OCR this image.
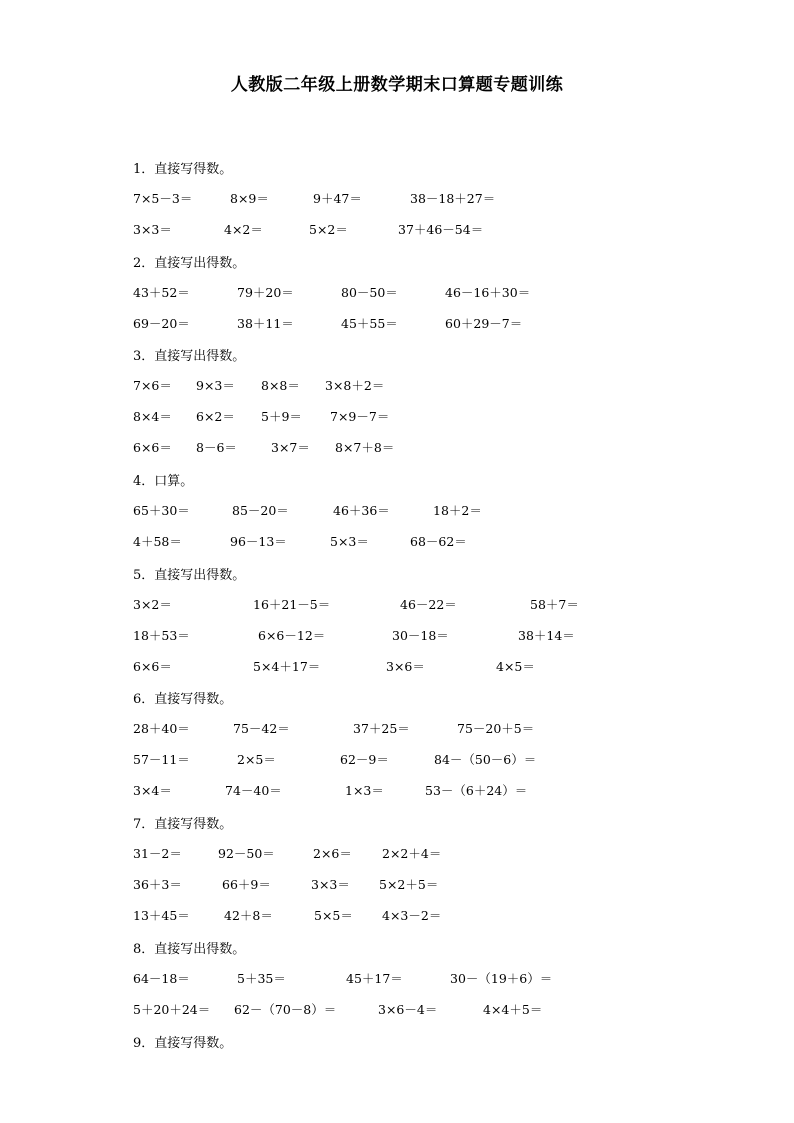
人教版二年级上册数学期末口算题专题训练
1．直接写得数。
7×5－3＝	8×9＝	9＋47＝	38－18＋27＝
3×3＝	4×2＝	5×2＝	37＋46－54＝
2．直接写出得数。
43＋52＝	79＋20＝	80－50＝	46－16＋30＝
69－20＝	38＋11＝	45＋55＝	60＋29－7＝
3．直接写出得数。
7×6＝ 9×3＝ 8×8＝ 3×8＋2＝
8×4＝ 6×2＝ 5＋9＝ 7×9－7＝
6×6＝ 8－6＝	3×7＝ 8×7＋8＝
4．口算。
65＋30＝	85－20＝	46＋36＝	18＋2＝
4＋58＝	96－13＝	5×3＝	68－62＝
5．直接写出得数。
3×2＝	16＋21－5＝	46－22＝	58＋7＝
18＋53＝	6×6－12＝	30－18＝	38＋14＝
6×6＝	5×4＋17＝	3×6＝	4×5＝
6．直接写得数。
28＋40＝	75－42＝	37＋25＝	75－20＋5＝
57－11＝	2×5＝	62－9＝	84－（50－6）＝
3×4＝	74－40＝	1×3＝	53－（6＋24）＝
7．直接写得数。
31－2＝	92－50＝	2×6＝ 2×2＋4＝
36＋3＝	66＋9＝	3×3＝ 5×2＋5＝
13＋45＝	42＋8＝	5×5＝ 4×3－2＝
8．直接写出得数。
64－18＝	5＋35＝	45＋17＝	30－（19＋6）＝
5＋20＋24＝ 62－（70－8）＝	3×6－4＝	4×4＋5＝
9．直接写得数。
